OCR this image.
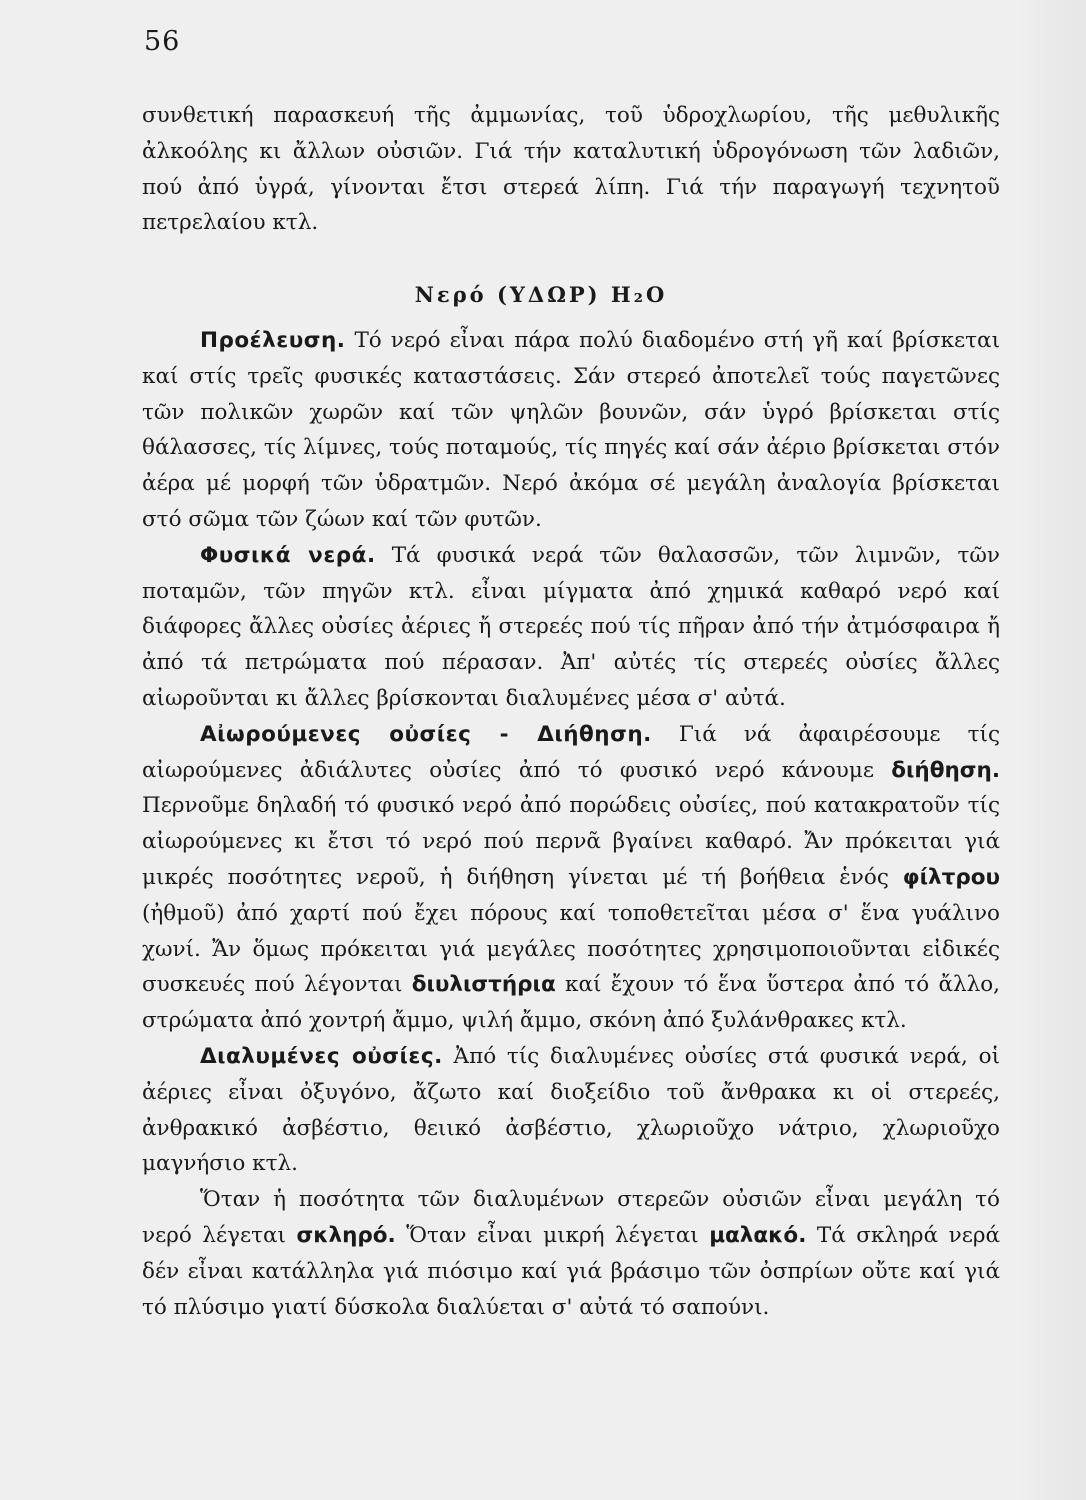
56

συνθετική παρασκευή τῆς ἀμμωνίας, τοῦ ὑδροχλωρίου, τῆς μεθυλικῆς ἀλκοόλης κι ἄλλων οὐσιῶν. Γιά τήν καταλυτική ὑδρογόνωση τῶν λαδιῶν, πού ἀπό ὑγρά, γίνονται ἔτσι στερεά λίπη. Γιά τήν παραγωγή τεχνητοῦ πετρελαίου κτλ.

Νερό (ΥΔΩΡ) H₂O

Προέλευση. Τό νερό εἶναι πάρα πολύ διαδομένο στή γῆ καί βρίσκεται καί στίς τρεῖς φυσικές καταστάσεις. Σάν στερεό ἀποτελεῖ τούς παγετῶνες τῶν πολικῶν χωρῶν καί τῶν ψηλῶν βουνῶν, σάν ὑγρό βρίσκεται στίς θάλασσες, τίς λίμνες, τούς ποταμούς, τίς πηγές καί σάν ἀέριο βρίσκεται στόν ἀέρα μέ μορφή τῶν ὑδρατμῶν. Νερό ἀκόμα σέ μεγάλη ἀναλογία βρίσκεται στό σῶμα τῶν ζώων καί τῶν φυτῶν.

Φυσικά νερά. Τά φυσικά νερά τῶν θαλασσῶν, τῶν λιμνῶν, τῶν ποταμῶν, τῶν πηγῶν κτλ. εἶναι μίγματα ἀπό χημικά καθαρό νερό καί διάφορες ἄλλες οὐσίες ἀέριες ἤ στερεές πού τίς πῆραν ἀπό τήν ἀτμόσφαιρα ἤ ἀπό τά πετρώματα πού πέρασαν. Ἀπ' αὐτές τίς στερεές οὐσίες ἄλλες αἰωροῦνται κι ἄλλες βρίσκονται διαλυμένες μέσα σ' αὐτά.

Αἰωρούμενες οὐσίες - Διήθηση. Γιά νά ἀφαιρέσουμε τίς αἰωρούμενες ἀδιάλυτες οὐσίες ἀπό τό φυσικό νερό κάνουμε διήθηση. Περνοῦμε δηλαδή τό φυσικό νερό ἀπό πορώδεις οὐσίες, πού κατακρατοῦν τίς αἰωρούμενες κι ἔτσι τό νερό πού περνᾶ βγαίνει καθαρό. Ἄν πρόκειται γιά μικρές ποσότητες νεροῦ, ἡ διήθηση γίνεται μέ τή βοήθεια ἑνός φίλτρου (ἠθμοῦ) ἀπό χαρτί πού ἔχει πόρους καί τοποθετεῖται μέσα σ' ἕνα γυάλινο χωνί. Ἄν ὅμως πρόκειται γιά μεγάλες ποσότητες χρησιμοποιοῦνται εἰδικές συσκευές πού λέγονται διυλιστήρια καί ἔχουν τό ἕνα ὕστερα ἀπό τό ἄλλο, στρώματα ἀπό χοντρή ἄμμο, ψιλή ἄμμο, σκόνη ἀπό ξυλάνθρακες κτλ.

Διαλυμένες οὐσίες. Ἀπό τίς διαλυμένες οὐσίες στά φυσικά νερά, οἱ ἀέριες εἶναι ὀξυγόνο, ἄζωτο καί διοξείδιο τοῦ ἄνθρακα κι οἱ στερεές, ἀνθρακικό ἀσβέστιο, θειικό ἀσβέστιο, χλωριοῦχο νάτριο, χλωριοῦχο μαγνήσιο κτλ.

Ὅταν ἡ ποσότητα τῶν διαλυμένων στερεῶν οὐσιῶν εἶναι μεγάλη τό νερό λέγεται σκληρό. Ὅταν εἶναι μικρή λέγεται μαλακό. Τά σκληρά νερά δέν εἶναι κατάλληλα γιά πιόσιμο καί γιά βράσιμο τῶν ὀσπρίων οὔτε καί γιά τό πλύσιμο γιατί δύσκολα διαλύεται σ' αὐτά τό σαπούνι.
